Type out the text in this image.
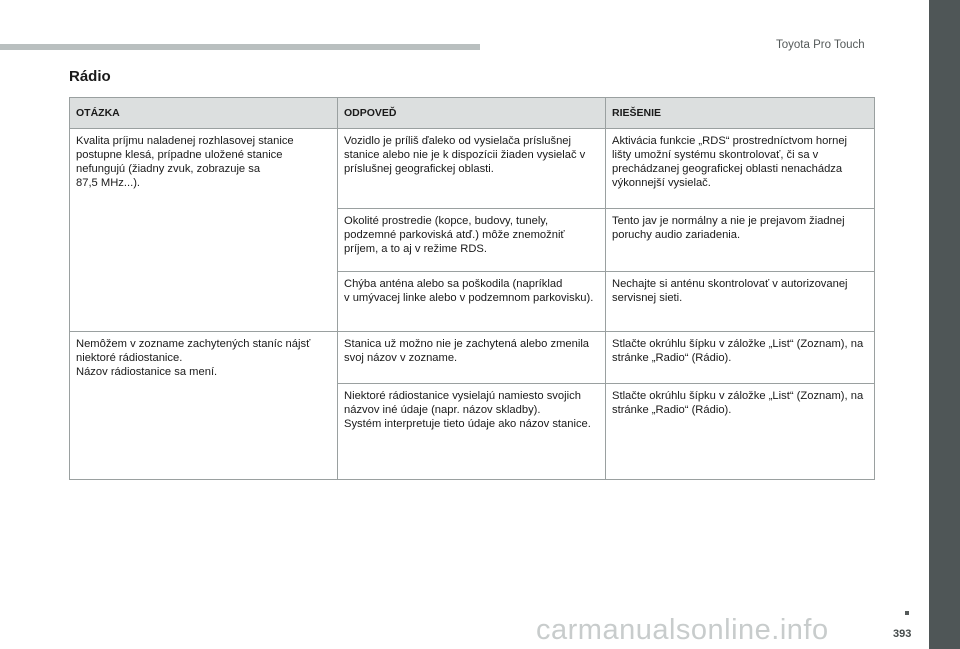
Toyota Pro Touch
Rádio
OTÁZKA	ODPOVEĎ	RIEŠENIE

Kvalita príjmu naladenej rozhlasovej stanice postupne klesá, prípadne uložené stanice nefungujú (žiadny zvuk, zobrazuje sa
87,5 MHz...).	Vozidlo je príliš ďaleko od vysielača príslušnej stanice alebo nie je k dispozícii žiaden vysielač v príslušnej geografickej oblasti.	Aktivácia funkcie „RDS“ prostredníctvom hornej lišty umožní systému skontrolovať, či sa v prechádzanej geografickej oblasti nenachádza výkonnejší vysielač.

	Okolité prostredie (kopce, budovy, tunely, podzemné parkoviská atď.) môže znemožniť príjem, a to aj v režime RDS.	Tento jav je normálny a nie je prejavom žiadnej poruchy audio zariadenia.

	Chýba anténa alebo sa poškodila (napríklad
v umývacej linke alebo v podzemnom parkovisku).	Nechajte si anténu skontrolovať v autorizovanej servisnej sieti.

Nemôžem v zozname zachytených staníc nájsť niektoré rádiostanice.
Názov rádiostanice sa mení.	Stanica už možno nie je zachytená alebo zmenila svoj názov v zozname.	Stlačte okrúhlu šípku v záložke „List“ (Zoznam), na stránke „Radio“ (Rádio).

	Niektoré rádiostanice vysielajú namiesto svojich názvov iné údaje (napr. názov skladby).
Systém interpretuje tieto údaje ako názov stanice.	Stlačte okrúhlu šípku v záložke „List“ (Zoznam), na stránke „Radio“ (Rádio).
carmanualsonline.info	393
